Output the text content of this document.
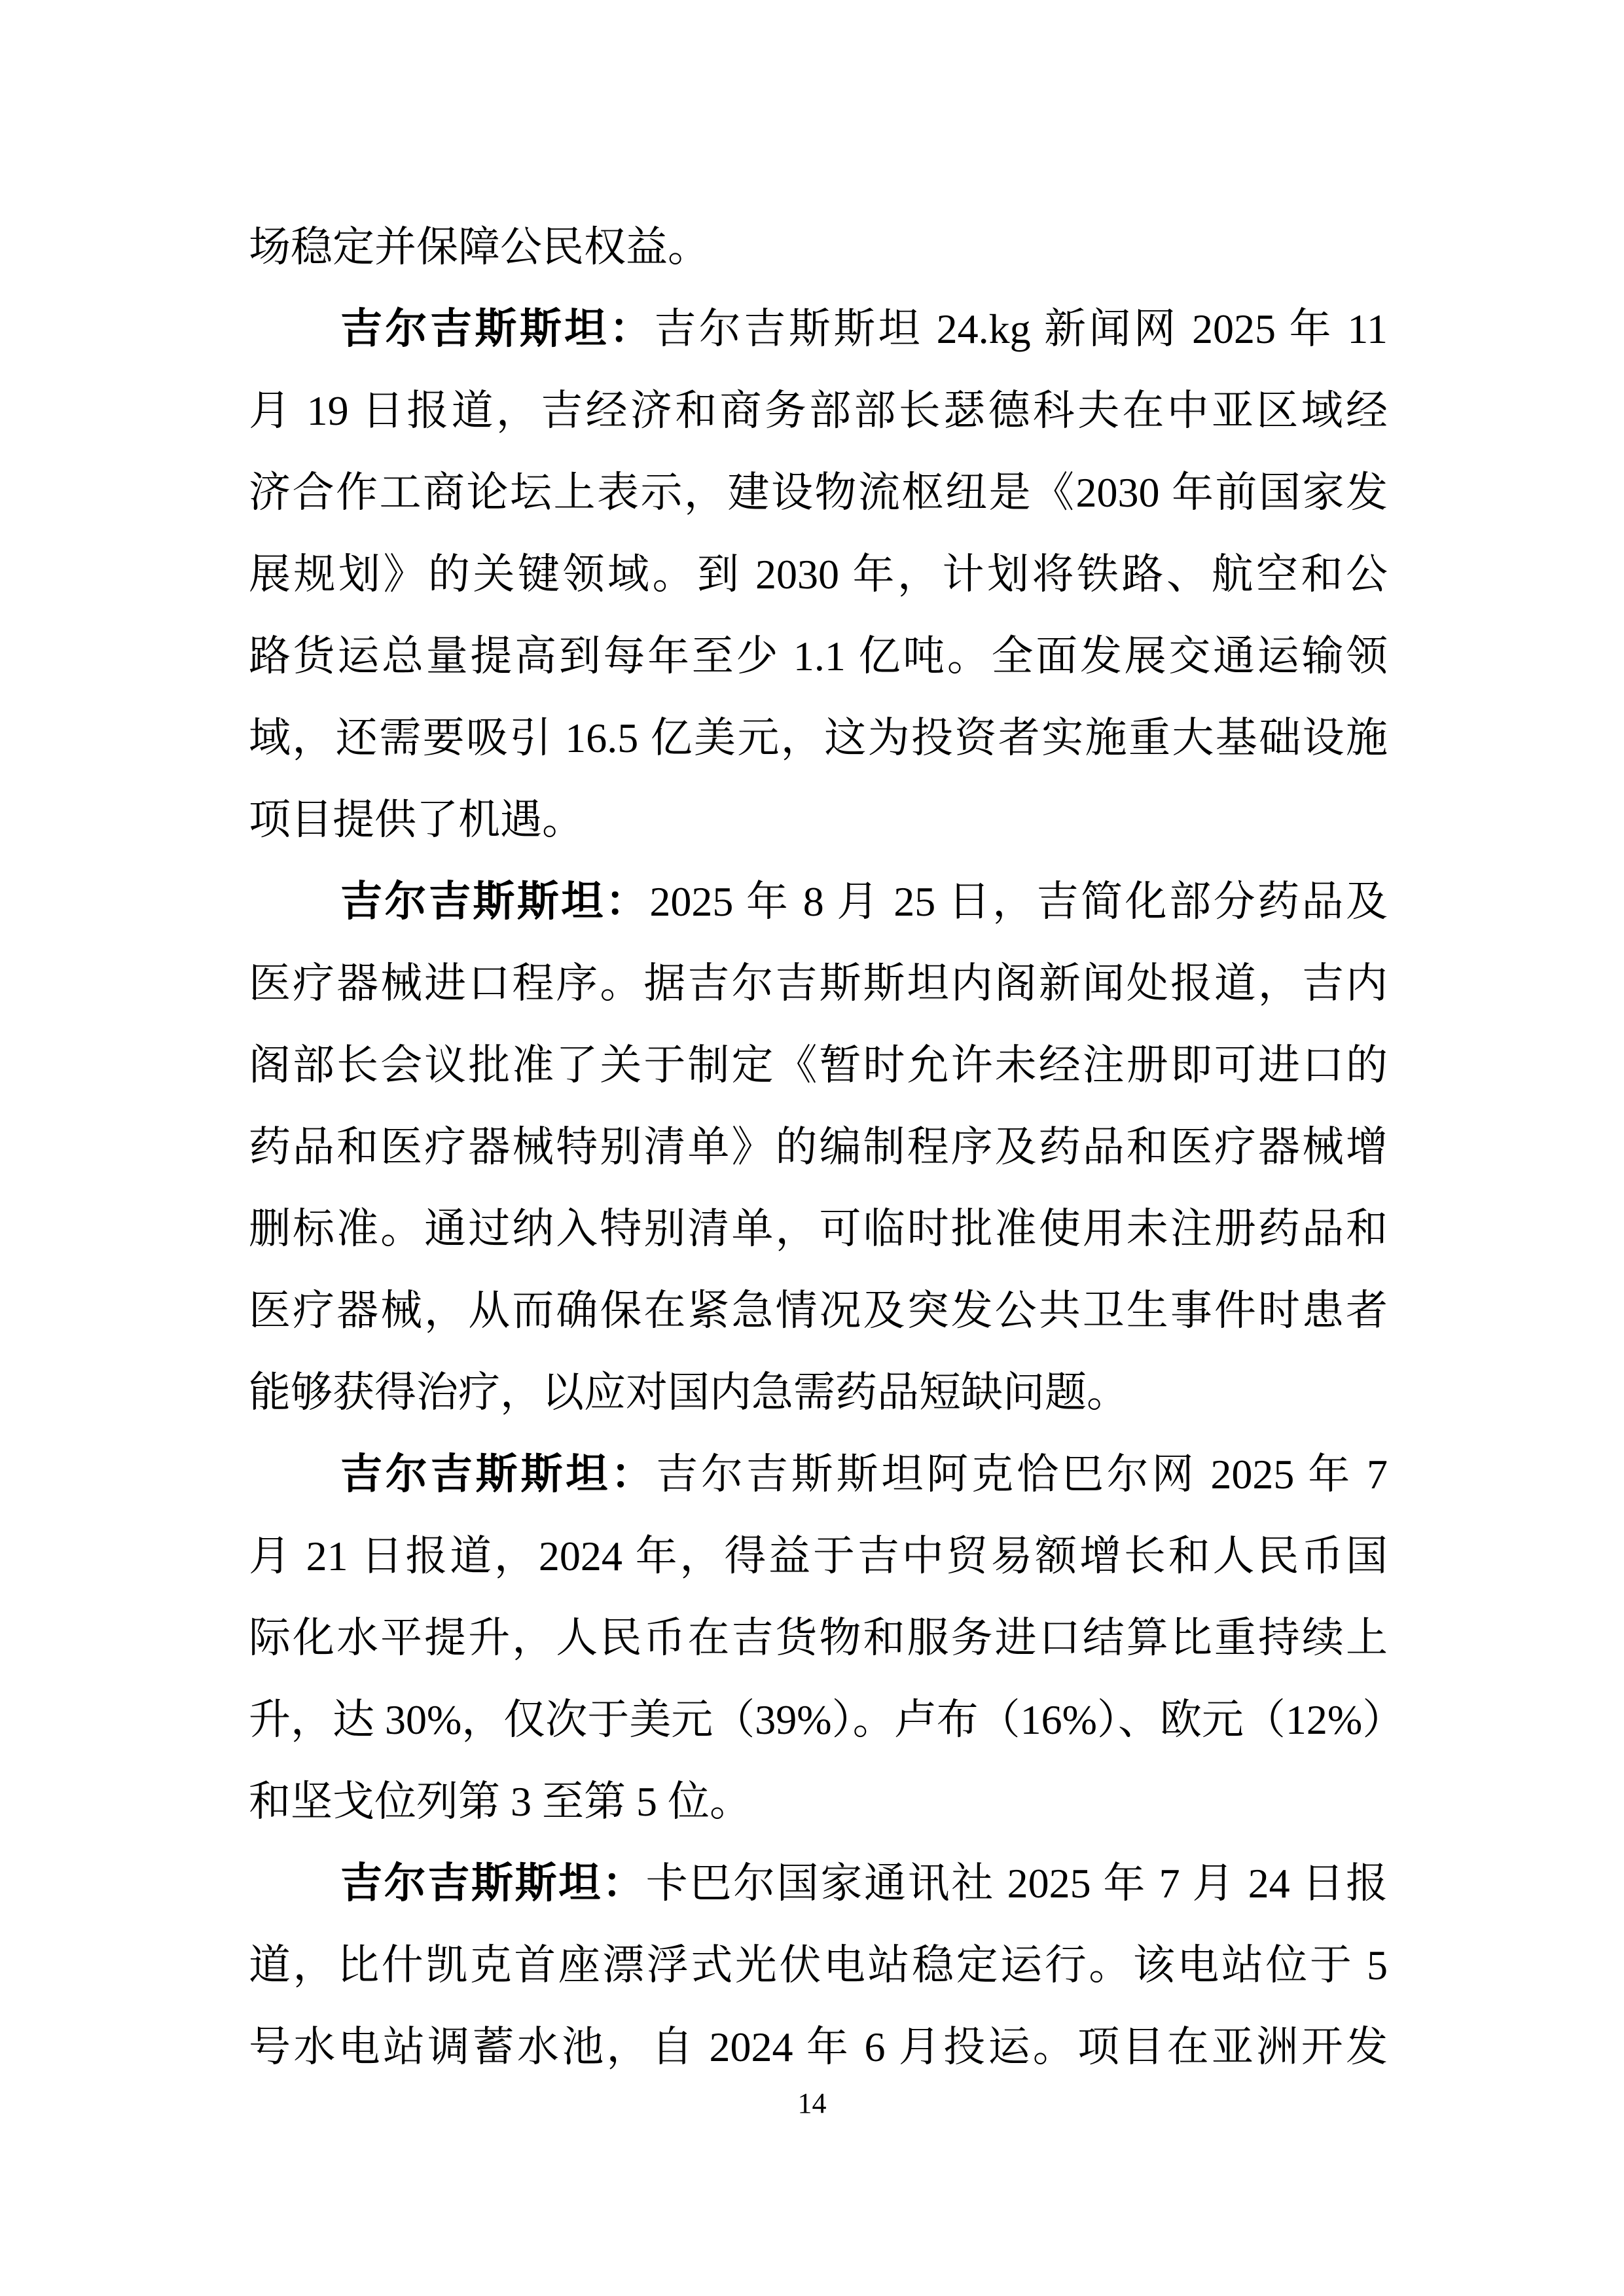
场稳定并保障公民权益。
吉尔吉斯斯坦：吉尔吉斯斯坦 24.kg 新闻网 2025 年 11
月 19 日报道，吉经济和商务部部长瑟德科夫在中亚区域经
济合作工商论坛上表示，建设物流枢纽是《2030 年前国家发
展规划》的关键领域。到 2030 年，计划将铁路、航空和公
路货运总量提高到每年至少 1.1 亿吨。全面发展交通运输领
域，还需要吸引 16.5 亿美元，这为投资者实施重大基础设施
项目提供了机遇。
吉尔吉斯斯坦：2025 年 8 月 25 日，吉简化部分药品及
医疗器械进口程序。据吉尔吉斯斯坦内阁新闻处报道，吉内
阁部长会议批准了关于制定《暂时允许未经注册即可进口的
药品和医疗器械特别清单》的编制程序及药品和医疗器械增
删标准。通过纳入特别清单，可临时批准使用未注册药品和
医疗器械，从而确保在紧急情况及突发公共卫生事件时患者
能够获得治疗，以应对国内急需药品短缺问题。
吉尔吉斯斯坦：吉尔吉斯斯坦阿克恰巴尔网 2025 年 7
月 21 日报道，2024 年，得益于吉中贸易额增长和人民币国
际化水平提升，人民币在吉货物和服务进口结算比重持续上
升，达 30%，仅次于美元（39%）。卢布（16%）、欧元（12%）
和坚戈位列第 3 至第 5 位。
吉尔吉斯斯坦：卡巴尔国家通讯社 2025 年 7 月 24 日报
道，比什凯克首座漂浮式光伏电站稳定运行。该电站位于 5
号水电站调蓄水池，自 2024 年 6 月投运。项目在亚洲开发
14
